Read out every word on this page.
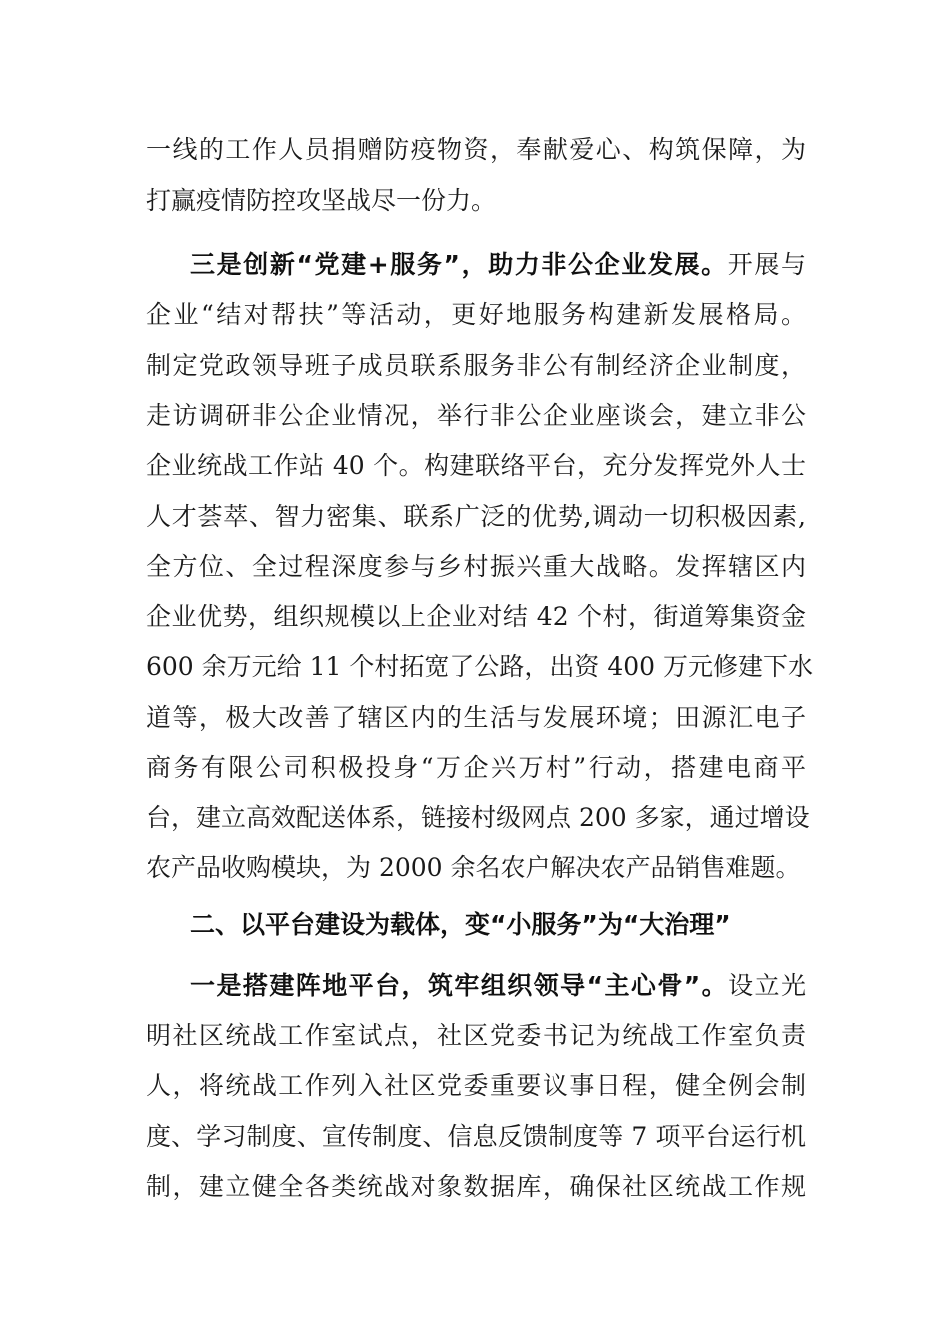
一线的工作人员捐赠防疫物资，奉献爱心、构筑保障，为
打赢疫情防控攻坚战尽一份力。
三是创新“党建+服务”，助力非公企业发展。开展与
企业“结对帮扶”等活动，更好地服务构建新发展格局。
制定党政领导班子成员联系服务非公有制经济企业制度，
走访调研非公企业情况，举行非公企业座谈会，建立非公
企业统战工作站 40 个。构建联络平台，充分发挥党外人士
人才荟萃、智力密集、联系广泛的优势,调动一切积极因素,
全方位、全过程深度参与乡村振兴重大战略。发挥辖区内
企业优势，组织规模以上企业对结 42 个村，街道筹集资金
600 余万元给 11 个村拓宽了公路，出资 400 万元修建下水
道等，极大改善了辖区内的生活与发展环境；田源汇电子
商务有限公司积极投身“万企兴万村”行动，搭建电商平
台，建立高效配送体系，链接村级网点 200 多家，通过增设
农产品收购模块，为 2000 余名农户解决农产品销售难题。
二、以平台建设为载体，变“小服务”为“大治理”
一是搭建阵地平台，筑牢组织领导“主心骨”。设立光
明社区统战工作室试点，社区党委书记为统战工作室负责
人，将统战工作列入社区党委重要议事日程，健全例会制
度、学习制度、宣传制度、信息反馈制度等 7 项平台运行机
制，建立健全各类统战对象数据库，确保社区统战工作规
